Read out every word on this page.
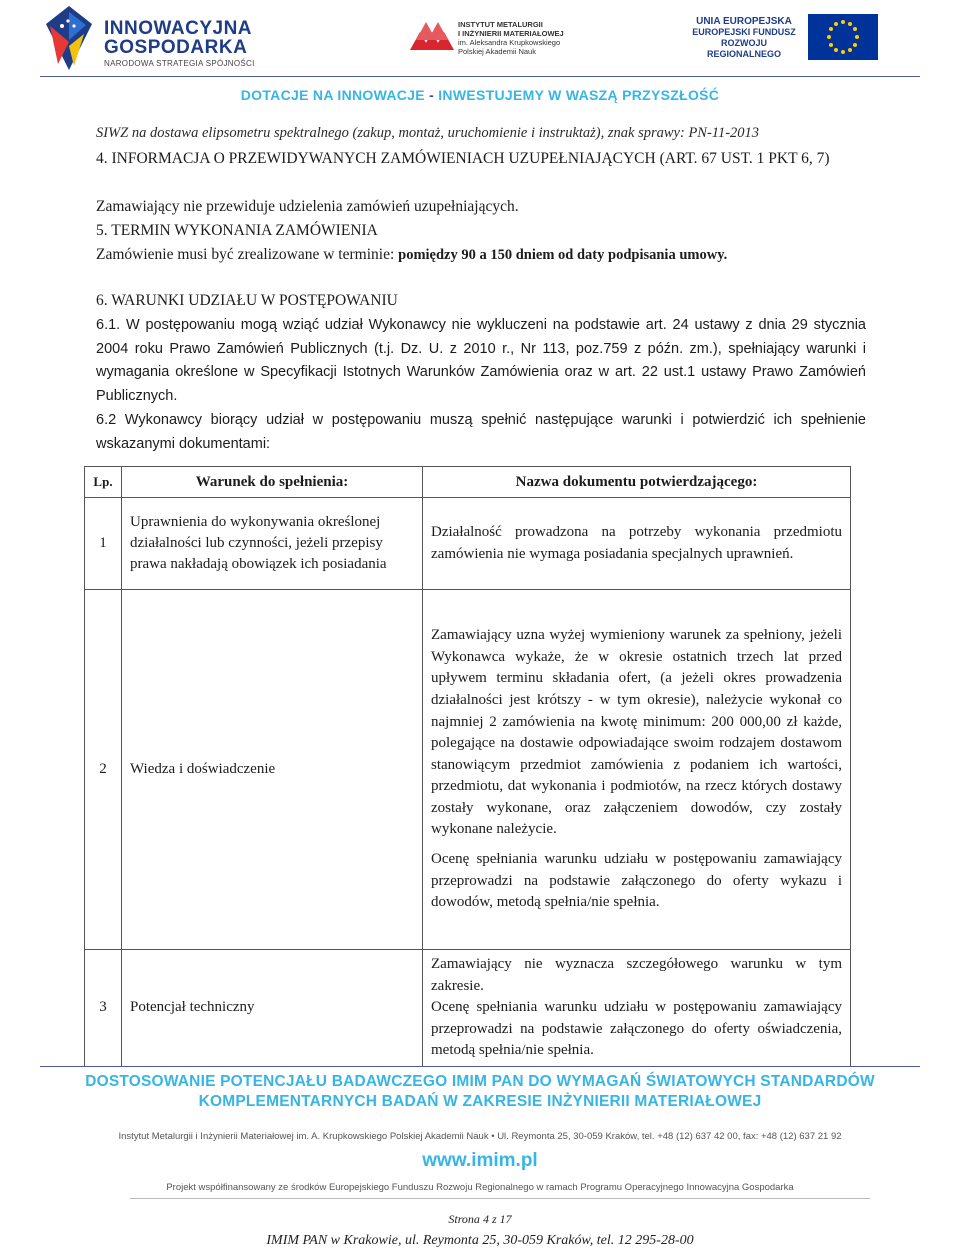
INNOWACYJNA
GOSPODARKA
NARODOWA STRATEGIA SPÓJNOŚCI
INSTYTUT METALURGII
I INŻYNIERII MATERIAŁOWEJ
im. Aleksandra Krupkowskiego
Polskiej Akademii Nauk
UNIA EUROPEJSKA
EUROPEJSKI FUNDUSZ
ROZWOJU REGIONALNEGO
DOTACJE NA INNOWACJE - INWESTUJEMY W WASZĄ PRZYSZŁOŚĆ
SIWZ na dostawa elipsometru spektralnego (zakup, montaż, uruchomienie i instruktaż), znak sprawy: PN-11-2013
4. INFORMACJA O PRZEWIDYWANYCH ZAMÓWIENIACH UZUPEŁNIAJĄCYCH (ART. 67 UST. 1 PKT 6, 7)
Zamawiający nie przewiduje udzielenia zamówień uzupełniających.
5. TERMIN WYKONANIA ZAMÓWIENIA
Zamówienie musi być zrealizowane w terminie: pomiędzy 90 a 150 dniem od daty podpisania umowy.
6. WARUNKI UDZIAŁU W POSTĘPOWANIU
6.1. W postępowaniu mogą wziąć udział Wykonawcy nie wykluczeni na podstawie art. 24 ustawy z dnia 29 stycznia 2004 roku Prawo Zamówień Publicznych (t.j. Dz. U. z 2010 r., Nr 113, poz.759 z późn. zm.), spełniający warunki i wymagania określone w Specyfikacji Istotnych Warunków Zamówienia oraz w art. 22 ust.1 ustawy Prawo Zamówień Publicznych.
6.2 Wykonawcy biorący udział w postępowaniu muszą spełnić następujące warunki i potwierdzić ich spełnienie wskazanymi dokumentami:
Lp.	Warunek do spełnienia:	Nazwa dokumentu potwierdzającego:
1	Uprawnienia do wykonywania określonej działalności lub czynności, jeżeli przepisy prawa nakładają obowiązek ich posiadania	Działalność prowadzona na potrzeby wykonania przedmiotu zamówienia nie wymaga posiadania specjalnych uprawnień.

2	Wiedza i doświadczenie	Zamawiający uzna wyżej wymieniony warunek za spełniony, jeżeli Wykonawca wykaże, że w okresie ostatnich trzech lat przed upływem terminu składania ofert, (a jeżeli okres prowadzenia działalności jest krótszy - w tym okresie), należycie wykonał co najmniej 2 zamówienia na kwotę minimum: 200 000,00 zł każde, polegające na dostawie odpowiadające swoim rodzajem dostawom stanowiącym przedmiot zamówienia z podaniem ich wartości, przedmiotu, dat wykonania i podmiotów, na rzecz których dostawy zostały wykonane, oraz załączeniem dowodów, czy zostały wykonane należycie.

Ocenę spełniania warunku udziału w postępowaniu zamawiający przeprowadzi na podstawie załączonego do oferty wykazu i dowodów, metodą spełnia/nie spełnia.

3	Potencjał techniczny	Zamawiający nie wyznacza szczegółowego warunku w tym zakresie.

Ocenę spełniania warunku udziału w postępowaniu zamawiający przeprowadzi na podstawie załączonego do oferty oświadczenia, metodą spełnia/nie spełnia.

DOSTOSOWANIE POTENCJAŁU BADAWCZEGO IMIM PAN DO WYMAGAŃ ŚWIATOWYCH STANDARDÓW
KOMPLEMENTARNYCH BADAŃ W ZAKRESIE INŻYNIERII MATERIAŁOWEJ
Instytut Metalurgii i Inżynierii Materiałowej im. A. Krupkowskiego Polskiej Akademii Nauk • Ul. Reymonta 25, 30-059 Kraków, tel. +48 (12) 637 42 00, fax: +48 (12) 637 21 92
www.imim.pl
Projekt współfinansowany ze środków Europejskiego Funduszu Rozwoju Regionalnego w ramach Programu Operacyjnego Innowacyjna Gospodarka
Strona 4 z 17
IMIM PAN w Krakowie, ul. Reymonta 25, 30-059 Kraków, tel. 12 295-28-00
